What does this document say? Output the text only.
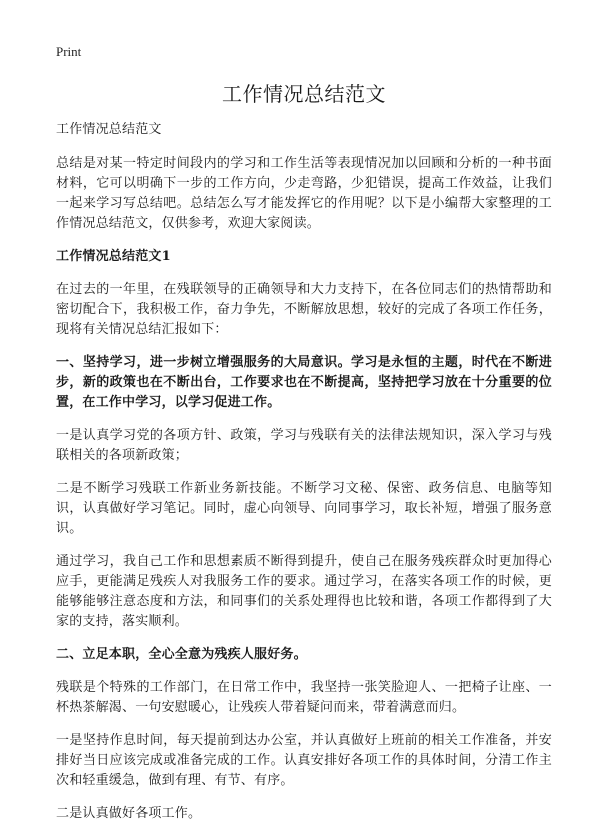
Print
工作情况总结范文

工作情况总结范文

总结是对某一特定时间段内的学习和工作生活等表现情况加以回顾和分析的一种书面材料，它可以明确下一步的工作方向，少走弯路，少犯错误，提高工作效益，让我们一起来学习写总结吧。总结怎么写才能发挥它的作用呢？以下是小编帮大家整理的工作情况总结范文，仅供参考，欢迎大家阅读。

工作情况总结范文1

在过去的一年里，在残联领导的正确领导和大力支持下，在各位同志们的热情帮助和密切配合下，我积极工作，奋力争先，不断解放思想，较好的完成了各项工作任务，现将有关情况总结汇报如下：

一、坚持学习，进一步树立增强服务的大局意识。学习是永恒的主题，时代在不断进步，新的政策也在不断出台，工作要求也在不断提高，坚持把学习放在十分重要的位置，在工作中学习，以学习促进工作。

一是认真学习党的各项方针、政策，学习与残联有关的法律法规知识，深入学习与残联相关的各项新政策；

二是不断学习残联工作新业务新技能。不断学习文秘、保密、政务信息、电脑等知识，认真做好学习笔记。同时，虚心向领导、向同事学习，取长补短，增强了服务意识。

通过学习，我自己工作和思想素质不断得到提升，使自己在服务残疾群众时更加得心应手，更能满足残疾人对我服务工作的要求。通过学习，在落实各项工作的时候，更能够能够注意态度和方法，和同事们的关系处理得也比较和谐，各项工作都得到了大家的支持，落实顺利。

二、立足本职，全心全意为残疾人服好务。

残联是个特殊的工作部门，在日常工作中，我坚持一张笑脸迎人、一把椅子让座、一杯热茶解渴、一句安慰暖心，让残疾人带着疑问而来，带着满意而归。

一是坚持作息时间，每天提前到达办公室，并认真做好上班前的相关工作准备，并安排好当日应该完成或准备完成的工作。认真安排好各项工作的具体时间，分清工作主次和轻重缓急，做到有理、有节、有序。

二是认真做好各项工作。
